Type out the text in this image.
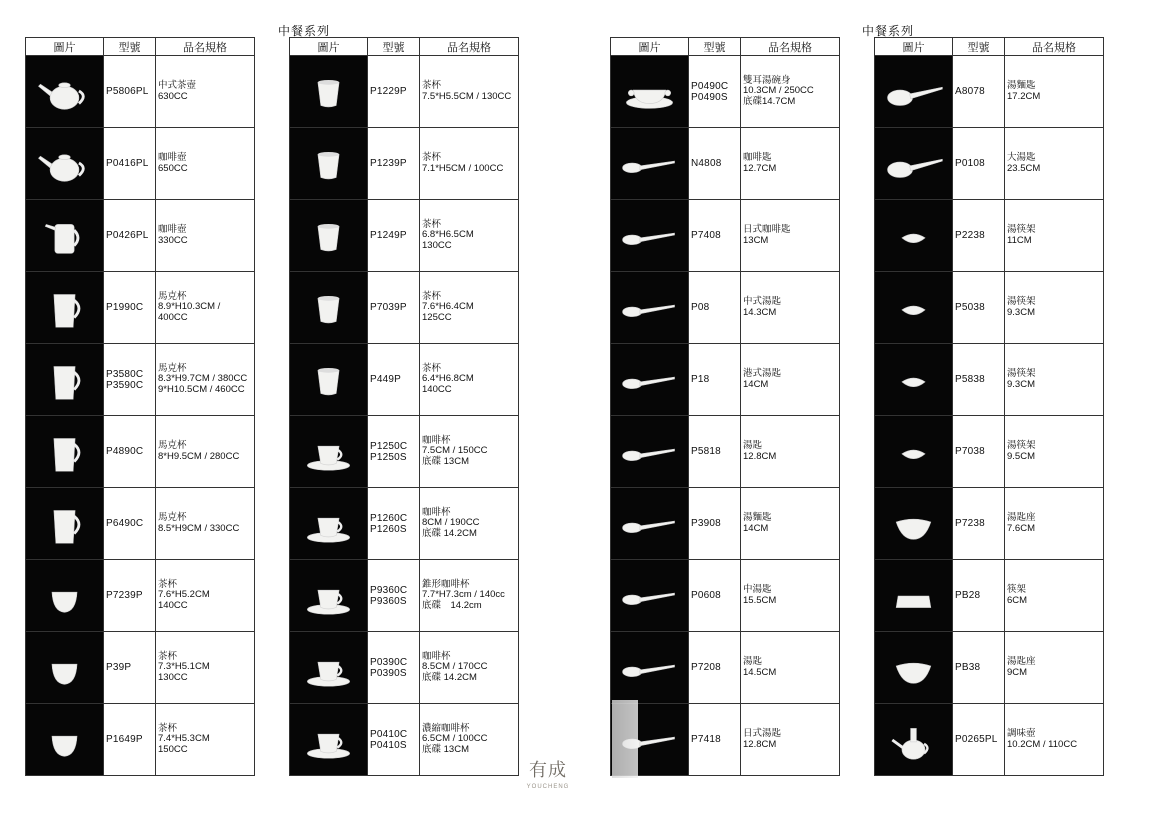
中餐系列	中餐系列
圖片	型號	品名規格

	P5806PL	中式茶壺
630CC

	P0416PL	咖啡壺
650CC

	P0426PL	咖啡壺
330CC

	P1990C	馬克杯
8.9*H10.3CM / 400CC

	P3580C
P3590C	馬克杯
8.3*H9.7CM / 380CC
9*H10.5CM / 460CC

	P4890C	馬克杯
8*H9.5CM / 280CC

	P6490C	馬克杯
8.5*H9CM / 330CC

	P7239P	茶杯
7.6*H5.2CM
140CC

	P39P	茶杯
7.3*H5.1CM
130CC

	P1649P	茶杯
7.4*H5.3CM
150CC
圖片	型號	品名規格

	P1229P	茶杯
7.5*H5.5CM / 130CC

	P1239P	茶杯
7.1*H5CM / 100CC

	P1249P	茶杯
6.8*H6.5CM
130CC

	P7039P	茶杯
7.6*H6.4CM
125CC

	P449P	茶杯
6.4*H6.8CM
140CC

	P1250C
P1250S	咖啡杯
7.5CM / 150CC
底碟 13CM

	P1260C
P1260S	咖啡杯
8CM / 190CC
底碟 14.2CM

	P9360C
P9360S	錐形咖啡杯
7.7*H7.3cm / 140cc
底碟　14.2cm

	P0390C
P0390S	咖啡杯
8.5CM / 170CC
底碟 14.2CM

	P0410C
P0410S	濃縮咖啡杯
6.5CM / 100CC
底碟 13CM
圖片	型號	品名規格

	P0490C
P0490S	雙耳湯碗身
10.3CM / 250CC
底碟14.7CM

	N4808	咖啡匙
12.7CM

	P7408	日式咖啡匙
13CM

	P08	中式湯匙
14.3CM

	P18	港式湯匙
14CM

	P5818	湯匙
12.8CM

	P3908	湯麵匙
14CM

	P0608	中湯匙
15.5CM

	P7208	湯匙
14.5CM

	P7418	日式湯匙
12.8CM
圖片	型號	品名規格

	A8078	湯麵匙
17.2CM

	P0108	大湯匙
23.5CM

	P2238	湯筷架
11CM

	P5038	湯筷架
9.3CM

	P5838	湯筷架
9.3CM

	P7038	湯筷架
9.5CM

	P7238	湯匙座
7.6CM

	PB28	筷架
6CM

	PB38	湯匙座
9CM

	P0265PL	調味壺
10.2CM / 110CC
有成
YOUCHENG
